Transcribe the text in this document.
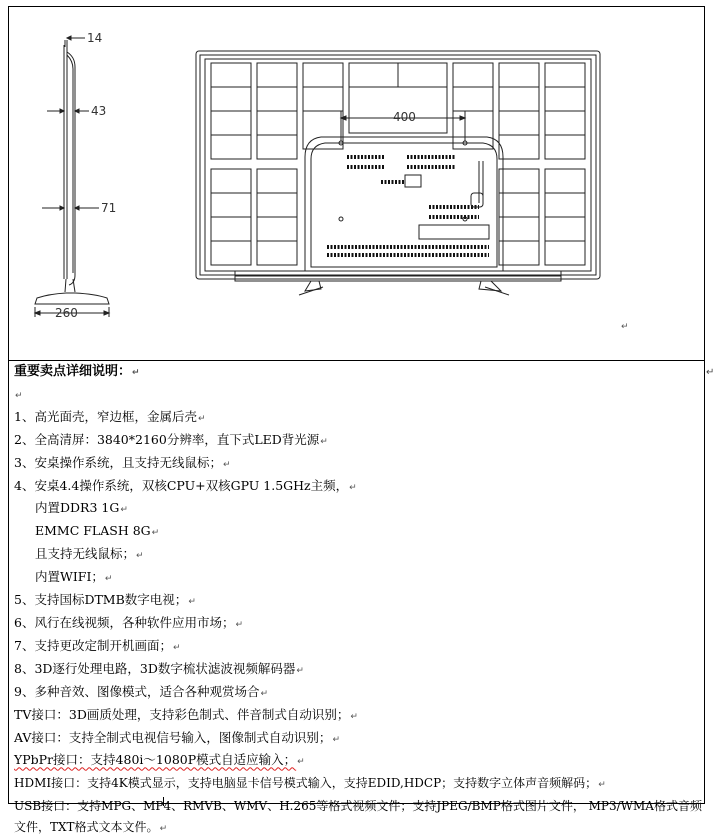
14
43
71
260
400
↵
↵
重要卖点详细说明：↵
↵
1、高光面壳，窄边框，金属后壳↵
2、全高清屏：3840*2160分辨率，直下式LED背光源↵
3、安桌操作系统，且支持无线鼠标；↵
4、安桌4.4操作系统，双核CPU+双核GPU 1.5GHz主频，↵
内置DDR3 1G↵
EMMC FLASH 8G↵
且支持无线鼠标；↵
内置WIFI；↵
5、支持国标DTMB数字电视；↵
6、风行在线视频，各种软件应用市场；↵
7、支持更改定制开机画面；↵
8、3D逐行处理电路，3D数字梳状滤波视频解码器↵
9、多种音效、图像模式，适合各种观赏场合↵
TV接口：3D画质处理，支持彩色制式、伴音制式自动识别；↵
AV接口：支持全制式电视信号输入，图像制式自动识别；↵
YPbPr接口：支持480i～1080P模式自适应输入；↵
HDMI接口：支持4K模式显示，支持电脑显卡信号模式输入，支持EDID,HDCP；支持数字立体声音频解码；↵
USB接口：支持MPG、MP4、RMVB、WMV、H.265等格式视频文件；支持JPEG/BMP格式图片文件， MP3/WMA格式音频文件，TXT格式文本文件。↵
